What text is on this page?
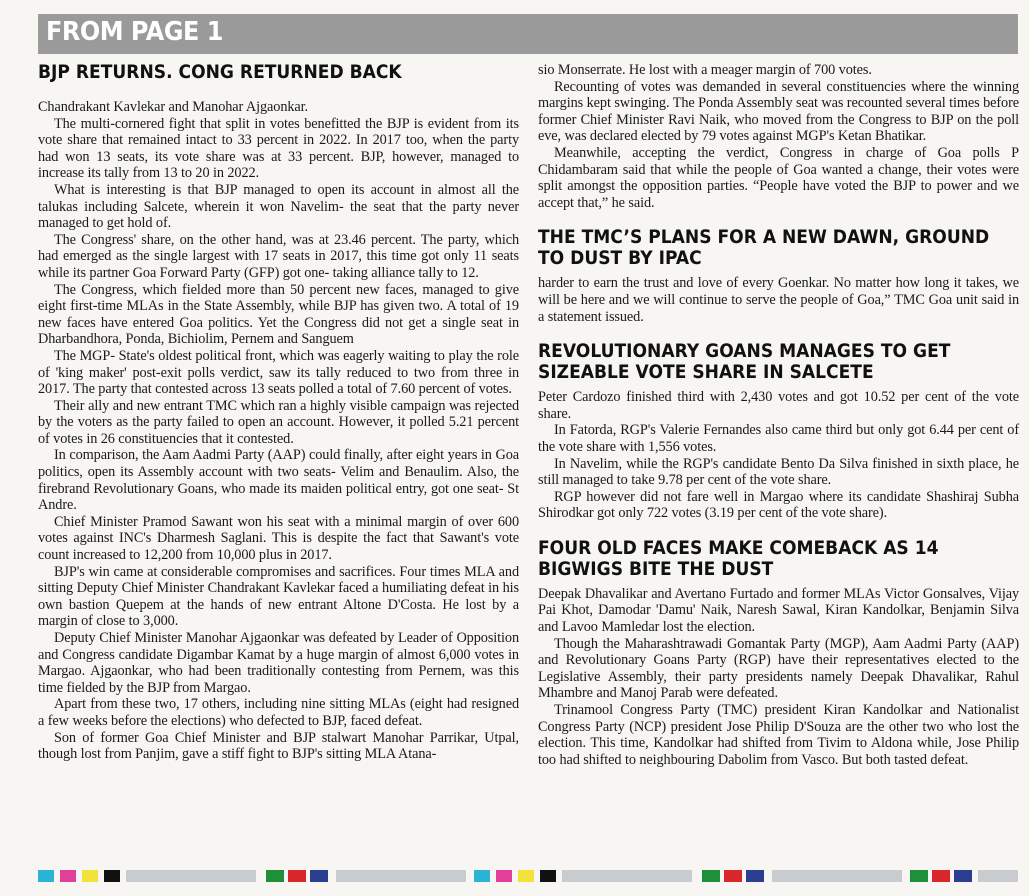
FROM PAGE 1
BJP RETURNS. CONG RETURNED BACK

Chandrakant Kavlekar and Manohar Ajgaonkar.

The multi-cornered fight that split in votes benefitted the BJP is evident from its vote share that remained intact to 33 percent in 2022. In 2017 too, when the party had won 13 seats, its vote share was at 33 percent. BJP, however, managed to increase its tally from 13 to 20 in 2022.

What is interesting is that BJP managed to open its account in almost all the talukas including Salcete, wherein it won Navelim- the seat that the party never managed to get hold of.

The Congress' share, on the other hand, was at 23.46 percent. The party, which had emerged as the single largest with 17 seats in 2017, this time got only 11 seats while its partner Goa Forward Party (GFP) got one- taking alliance tally to 12.

The Congress, which fielded more than 50 percent new faces, managed to give eight first-time MLAs in the State Assembly, while BJP has given two. A total of 19 new faces have entered Goa politics. Yet the Congress did not get a single seat in Dharbandhora, Ponda, Bichiolim, Pernem and Sanguem

The MGP- State's oldest political front, which was eagerly waiting to play the role of 'king maker' post-exit polls verdict, saw its tally reduced to two from three in 2017. The party that contested across 13 seats polled a total of 7.60 percent of votes.

Their ally and new entrant TMC which ran a highly visible campaign was rejected by the voters as the party failed to open an account. However, it polled 5.21 percent of votes in 26 constituencies that it contested.

In comparison, the Aam Aadmi Party (AAP) could finally, after eight years in Goa politics, open its Assembly account with two seats- Velim and Benaulim. Also, the firebrand Revolutionary Goans, who made its maiden political entry, got one seat- St Andre.

Chief Minister Pramod Sawant won his seat with a minimal margin of over 600 votes against INC's Dharmesh Saglani. This is despite the fact that Sawant's vote count increased to 12,200 from 10,000 plus in 2017.

BJP's win came at considerable compromises and sacrifices. Four times MLA and sitting Deputy Chief Minister Chandrakant Kavlekar faced a humiliating defeat in his own bastion Quepem at the hands of new entrant Altone D'Costa. He lost by a margin of close to 3,000.

Deputy Chief Minister Manohar Ajgaonkar was defeated by Leader of Opposition and Congress candidate Digambar Kamat by a huge margin of almost 6,000 votes in Margao. Ajgaonkar, who had been traditionally contesting from Pernem, was this time fielded by the BJP from Margao.

Apart from these two, 17 others, including nine sitting MLAs (eight had resigned a few weeks before the elections) who defected to BJP, faced defeat.

Son of former Goa Chief Minister and BJP stalwart Manohar Parrikar, Utpal, though lost from Panjim, gave a stiff fight to BJP's sitting MLA Atana-

sio Monserrate. He lost with a meager margin of 700 votes.

Recounting of votes was demanded in several constituencies where the winning margins kept swinging. The Ponda Assembly seat was recounted several times before former Chief Minister Ravi Naik, who moved from the Congress to BJP on the poll eve, was declared elected by 79 votes against MGP's Ketan Bhatikar.

Meanwhile, accepting the verdict, Congress in charge of Goa polls P Chidambaram said that while the people of Goa wanted a change, their votes were split amongst the opposition parties. “People have voted the BJP to power and we accept that,” he said.

THE TMC’S PLANS FOR A NEW DAWN, GROUND TO DUST BY IPAC

harder to earn the trust and love of every Goenkar. No matter how long it takes, we will be here and we will continue to serve the people of Goa,” TMC Goa unit said in a statement issued.

REVOLUTIONARY GOANS MANAGES TO GET SIZEABLE VOTE SHARE IN SALCETE

Peter Cardozo finished third with 2,430 votes and got 10.52 per cent of the vote share.

In Fatorda, RGP's Valerie Fernandes also came third but only got 6.44 per cent of the vote share with 1,556 votes.

In Navelim, while the RGP's candidate Bento Da Silva finished in sixth place, he still managed to take 9.78 per cent of the vote share.

RGP however did not fare well in Margao where its candidate Shashiraj Subha Shirodkar got only 722 votes (3.19 per cent of the vote share).

FOUR OLD FACES MAKE COMEBACK AS 14 BIGWIGS BITE THE DUST

Deepak Dhavalikar and Avertano Furtado and former MLAs Victor Gonsalves, Vijay Pai Khot, Damodar 'Damu' Naik, Naresh Sawal, Kiran Kandolkar, Benjamin Silva and Lavoo Mamledar lost the election.

Though the Maharashtrawadi Gomantak Party (MGP), Aam Aadmi Party (AAP) and Revolutionary Goans Party (RGP) have their representatives elected to the Legislative Assembly, their party presidents namely Deepak Dhavalikar, Rahul Mhambre and Manoj Parab were defeated.

Trinamool Congress Party (TMC) president Kiran Kandolkar and Nationalist Congress Party (NCP) president Jose Philip D'Souza are the other two who lost the election. This time, Kandolkar had shifted from Tivim to Aldona while, Jose Philip too had shifted to neighbouring Dabolim from Vasco. But both tasted defeat.
